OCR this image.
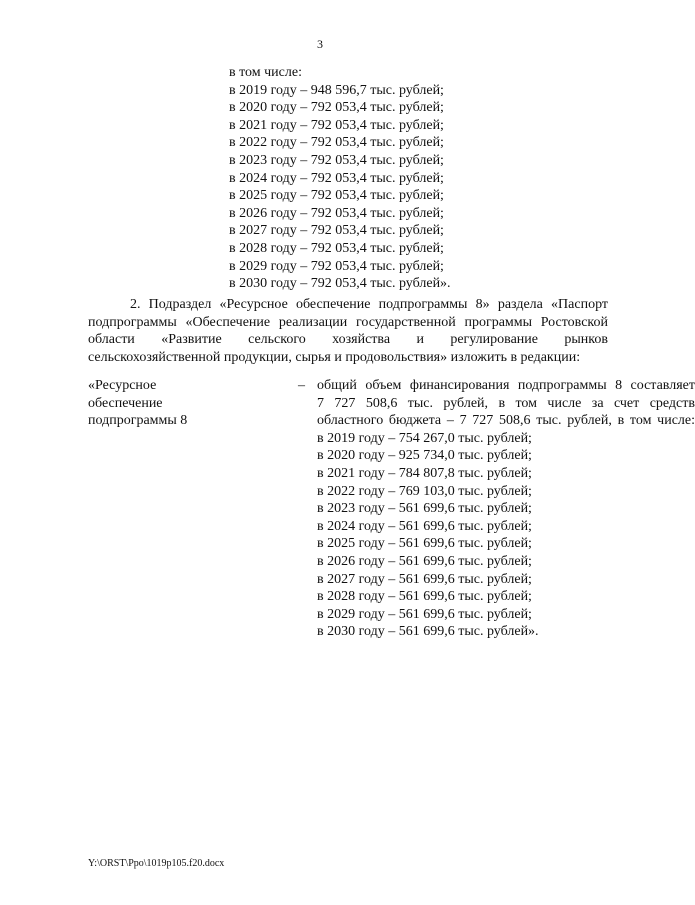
3
в том числе:
в 2019 году – 948 596,7 тыс. рублей;
в 2020 году – 792 053,4 тыс. рублей;
в 2021 году – 792 053,4 тыс. рублей;
в 2022 году – 792 053,4 тыс. рублей;
в 2023 году – 792 053,4 тыс. рублей;
в 2024 году – 792 053,4 тыс. рублей;
в 2025 году – 792 053,4 тыс. рублей;
в 2026 году – 792 053,4 тыс. рублей;
в 2027 году – 792 053,4 тыс. рублей;
в 2028 году – 792 053,4 тыс. рублей;
в 2029 году – 792 053,4 тыс. рублей;
в 2030 году – 792 053,4 тыс. рублей».
2. Подраздел «Ресурсное обеспечение подпрограммы 8» раздела «Паспорт
подпрограммы «Обеспечение реализации государственной программы Ростовской
области «Развитие сельского хозяйства и регулирование рынков
сельскохозяйственной продукции, сырья и продовольствия» изложить в редакции:
«Ресурсное
обеспечение
подпрограммы 8
– общий объем финансирования подпрограммы 8 составляет
7 727 508,6 тыс. рублей, в том числе за счет средств
областного бюджета – 7 727 508,6 тыс. рублей, в том числе:
в 2019 году – 754 267,0 тыс. рублей;
в 2020 году – 925 734,0 тыс. рублей;
в 2021 году – 784 807,8 тыс. рублей;
в 2022 году – 769 103,0 тыс. рублей;
в 2023 году – 561 699,6 тыс. рублей;
в 2024 году – 561 699,6 тыс. рублей;
в 2025 году – 561 699,6 тыс. рублей;
в 2026 году – 561 699,6 тыс. рублей;
в 2027 году – 561 699,6 тыс. рублей;
в 2028 году – 561 699,6 тыс. рублей;
в 2029 году – 561 699,6 тыс. рублей;
в 2030 году – 561 699,6 тыс. рублей».
Y:\ORST\Ppo\1019p105.f20.docx
